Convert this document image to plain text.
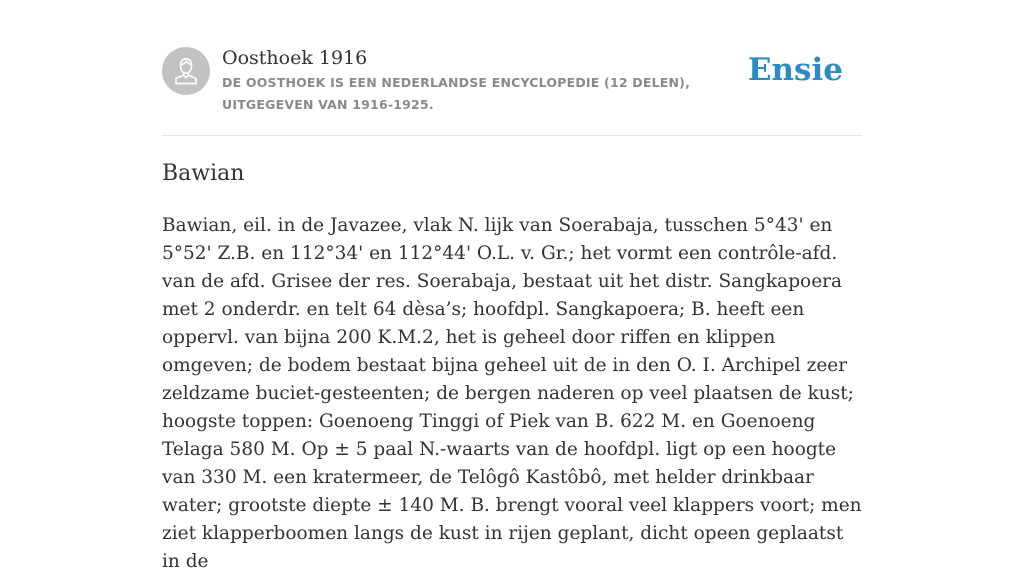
Oosthoek 1916
DE OOSTHOEK IS EEN NEDERLANDSE ENCYCLOPEDIE (12 DELEN), UITGEGEVEN VAN 1916-1925.
Ensie
Bawian

Bawian, eil. in de Javazee, vlak N. lijk van Soerabaja, tusschen 5°43' en 5°52' Z.B. en 112°34' en 112°44' O.L. v. Gr.; het vormt een contrôle-afd. van de afd. Grisee der res. Soerabaja, bestaat uit het distr. Sangkapoera met 2 onderdr. en telt 64 dèsa’s; hoofdpl. Sangkapoera; B. heeft een oppervl. van bijna 200 K.M.2, het is geheel door riffen en klippen omgeven; de bodem bestaat bijna geheel uit de in den O. I. Archipel zeer zeldzame buciet-gesteenten; de bergen naderen op veel plaatsen de kust; hoogste toppen: Goenoeng Tinggi of Piek van B. 622 M. en Goenoeng Telaga 580 M. Op ± 5 paal N.-waarts van de hoofdpl. ligt op een hoogte van 330 M. een kratermeer, de Telôgô Kastôbô, met helder drinkbaar water; grootste diepte ± 140 M. B. brengt vooral veel klappers voort; men ziet klapperboomen langs de kust in rijen geplant, dicht opeen geplaatst in de
